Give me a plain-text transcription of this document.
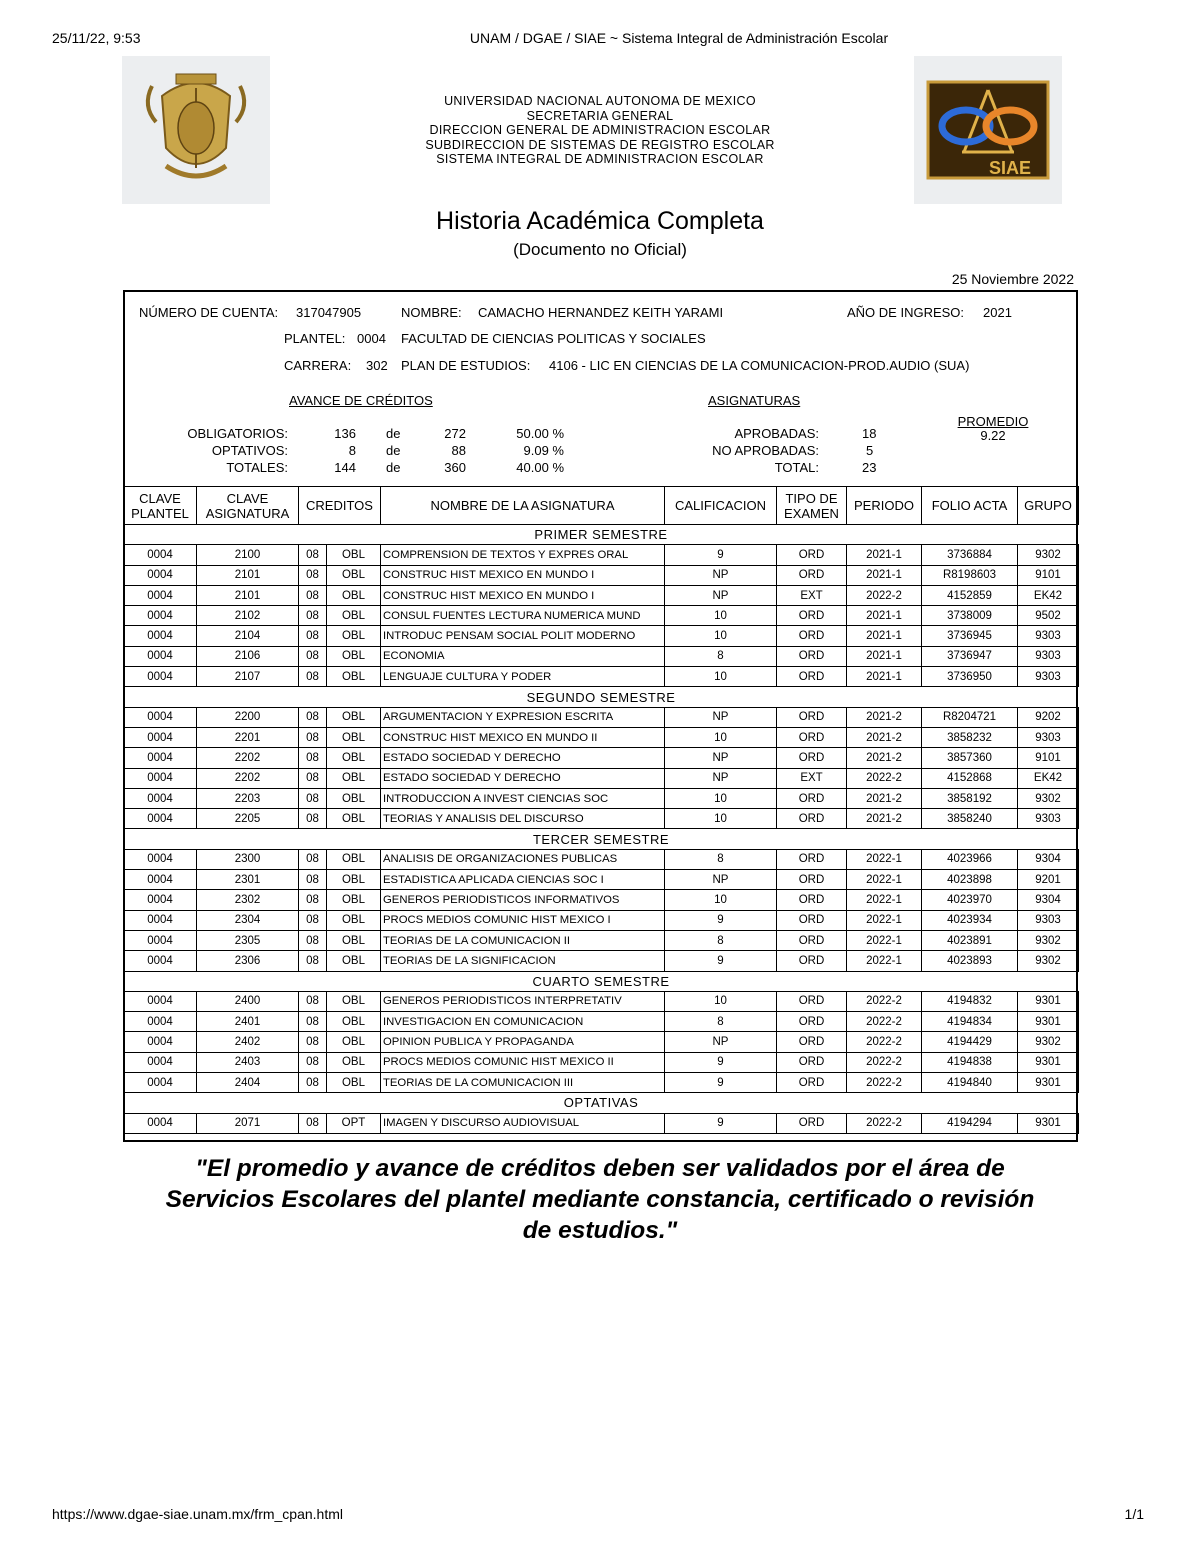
25/11/22, 9:53	UNAM / DGAE / SIAE ~ Sistema Integral de Administración Escolar
UNIVERSIDAD NACIONAL AUTONOMA DE MEXICO
SECRETARIA GENERAL
DIRECCION GENERAL DE ADMINISTRACION ESCOLAR
SUBDIRECCION DE SISTEMAS DE REGISTRO ESCOLAR
SISTEMA INTEGRAL DE ADMINISTRACION ESCOLAR	SIAE
Historia Académica Completa
(Documento no Oficial)
25 Noviembre 2022
NÚMERO DE CUENTA: 317047905	NOMBRE: CAMACHO HERNANDEZ KEITH YARAMI	AÑO DE INGRESO: 2021
PLANTEL: 0004 FACULTAD DE CIENCIAS POLITICAS Y SOCIALES
CARRERA: 302 PLAN DE ESTUDIOS: 4106 - LIC EN CIENCIAS DE LA COMUNICACION-PROD.AUDIO (SUA)
AVANCE DE CRÉDITOS
OBLIGATORIOS:	136 de	272	50.00 %
OPTATIVOS:	8 de	88	9.09 %
TOTALES:	144 de	360	40.00 %
ASIGNATURAS
APROBADAS:	18
NO APROBADAS:	5
TOTAL:	23
PROMEDIO
9.22
CLAVE
PLANTEL	CLAVE
ASIGNATURA	CREDITOS		NOMBRE DE LA ASIGNATURA	CALIFICACION	TIPO DE
EXAMEN	PERIODO	FOLIO ACTA	GRUPO
PRIMER SEMESTRE									
0004	2100	08	OBL	COMPRENSION DE TEXTOS Y EXPRES ORAL	9	ORD	2021-1	3736884	9302
0004	2101	08	OBL	CONSTRUC HIST MEXICO EN MUNDO I	NP	ORD	2021-1	R8198603	9101
0004	2101	08	OBL	CONSTRUC HIST MEXICO EN MUNDO I	NP	EXT	2022-2	4152859	EK42
0004	2102	08	OBL	CONSUL FUENTES LECTURA NUMERICA MUND	10	ORD	2021-1	3738009	9502
0004	2104	08	OBL	INTRODUC PENSAM SOCIAL POLIT MODERNO	10	ORD	2021-1	3736945	9303
0004	2106	08	OBL	ECONOMIA	8	ORD	2021-1	3736947	9303
0004	2107	08	OBL	LENGUAJE CULTURA Y PODER	10	ORD	2021-1	3736950	9303
SEGUNDO SEMESTRE									
0004	2200	08	OBL	ARGUMENTACION Y EXPRESION ESCRITA	NP	ORD	2021-2	R8204721	9202
0004	2201	08	OBL	CONSTRUC HIST MEXICO EN MUNDO II	10	ORD	2021-2	3858232	9303
0004	2202	08	OBL	ESTADO SOCIEDAD Y DERECHO	NP	ORD	2021-2	3857360	9101
0004	2202	08	OBL	ESTADO SOCIEDAD Y DERECHO	NP	EXT	2022-2	4152868	EK42
0004	2203	08	OBL	INTRODUCCION A INVEST CIENCIAS SOC	10	ORD	2021-2	3858192	9302
0004	2205	08	OBL	TEORIAS Y ANALISIS DEL DISCURSO	10	ORD	2021-2	3858240	9303
TERCER SEMESTRE									
0004	2300	08	OBL	ANALISIS DE ORGANIZACIONES PUBLICAS	8	ORD	2022-1	4023966	9304
0004	2301	08	OBL	ESTADISTICA APLICADA CIENCIAS SOC I	NP	ORD	2022-1	4023898	9201
0004	2302	08	OBL	GENEROS PERIODISTICOS INFORMATIVOS	10	ORD	2022-1	4023970	9304
0004	2304	08	OBL	PROCS MEDIOS COMUNIC HIST MEXICO I	9	ORD	2022-1	4023934	9303
0004	2305	08	OBL	TEORIAS DE LA COMUNICACION II	8	ORD	2022-1	4023891	9302
0004	2306	08	OBL	TEORIAS DE LA SIGNIFICACION	9	ORD	2022-1	4023893	9302
CUARTO SEMESTRE									
0004	2400	08	OBL	GENEROS PERIODISTICOS INTERPRETATIV	10	ORD	2022-2	4194832	9301
0004	2401	08	OBL	INVESTIGACION EN COMUNICACION	8	ORD	2022-2	4194834	9301
0004	2402	08	OBL	OPINION PUBLICA Y PROPAGANDA	NP	ORD	2022-2	4194429	9302
0004	2403	08	OBL	PROCS MEDIOS COMUNIC HIST MEXICO II	9	ORD	2022-2	4194838	9301
0004	2404	08	OBL	TEORIAS DE LA COMUNICACION III	9	ORD	2022-2	4194840	9301
OPTATIVAS									
0004	2071	08	OPT	IMAGEN Y DISCURSO AUDIOVISUAL	9	ORD	2022-2	4194294	9301
"El promedio y avance de créditos deben ser validados por el área de
Servicios Escolares del plantel mediante constancia, certificado o revisión
de estudios."
https://www.dgae-siae.unam.mx/frm_cpan.html	1/1
